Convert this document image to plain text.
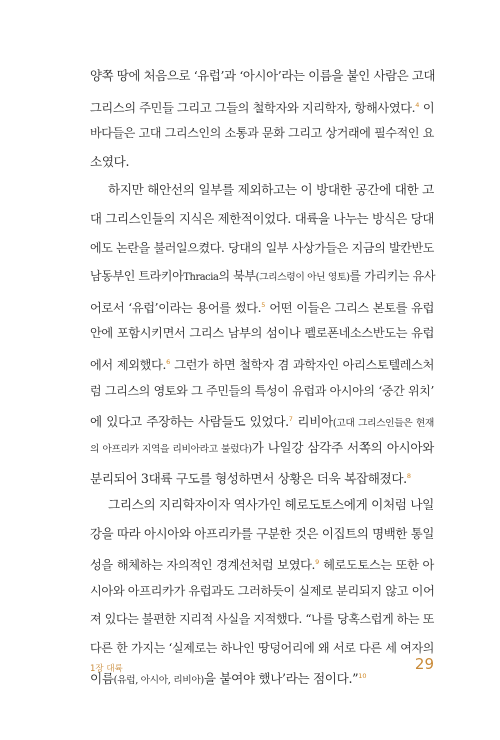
양쪽 땅에 처음으로 ‘유럽’과 ‘아시아’라는 이름을 붙인 사람은 고대
그리스의 주민들 그리고 그들의 철학자와 지리학자, 항해사였다.$^4$ 이
바다들은 고대 그리스인의 소통과 문화 그리고 상거래에 필수적인 요
소였다.
하지만 해안선의 일부를 제외하고는 이 방대한 공간에 대한 고
대 그리스인들의 지식은 제한적이었다. 대륙을 나누는 방식은 당대
에도 논란을 불러일으켰다. 당대의 일부 사상가들은 지금의 발칸반도
남동부인 트라키아Thracia의 북부(그리스령이 아닌 영토)를 가리키는 유사
어로서 ‘유럽’이라는 용어를 썼다.$^5$ 어떤 이들은 그리스 본토를 유럽
안에 포함시키면서 그리스 남부의 섬이나 펠로폰네소스반도는 유럽
에서 제외했다.$^6$ 그런가 하면 철학자 겸 과학자인 아리스토텔레스처
럼 그리스의 영토와 그 주민들의 특성이 유럽과 아시아의 ‘중간 위치’
에 있다고 주장하는 사람들도 있었다.$^7$ 리비아(고대 그리스인들은 현재
의 아프리카 지역을 리비아라고 불렀다)가 나일강 삼각주 서쪽의 아시아와
분리되어 3대륙 구도를 형성하면서 상황은 더욱 복잡해졌다.$^8$
그리스의 지리학자이자 역사가인 헤로도토스에게 이처럼 나일
강을 따라 아시아와 아프리카를 구분한 것은 이집트의 명백한 통일
성을 해체하는 자의적인 경계선처럼 보였다.$^9$ 헤로도토스는 또한 아
시아와 아프리카가 유럽과도 그러하듯이 실제로 분리되지 않고 이어
져 있다는 불편한 지리적 사실을 지적했다. “나를 당혹스럽게 하는 또
다른 한 가지는 ‘실제로는 하나인 땅덩어리에 왜 서로 다른 세 여자의
이름(유럽, 아시아, 리비아)을 붙여야 했나’라는 점이다.”$^{10}$
1장 대륙	29
